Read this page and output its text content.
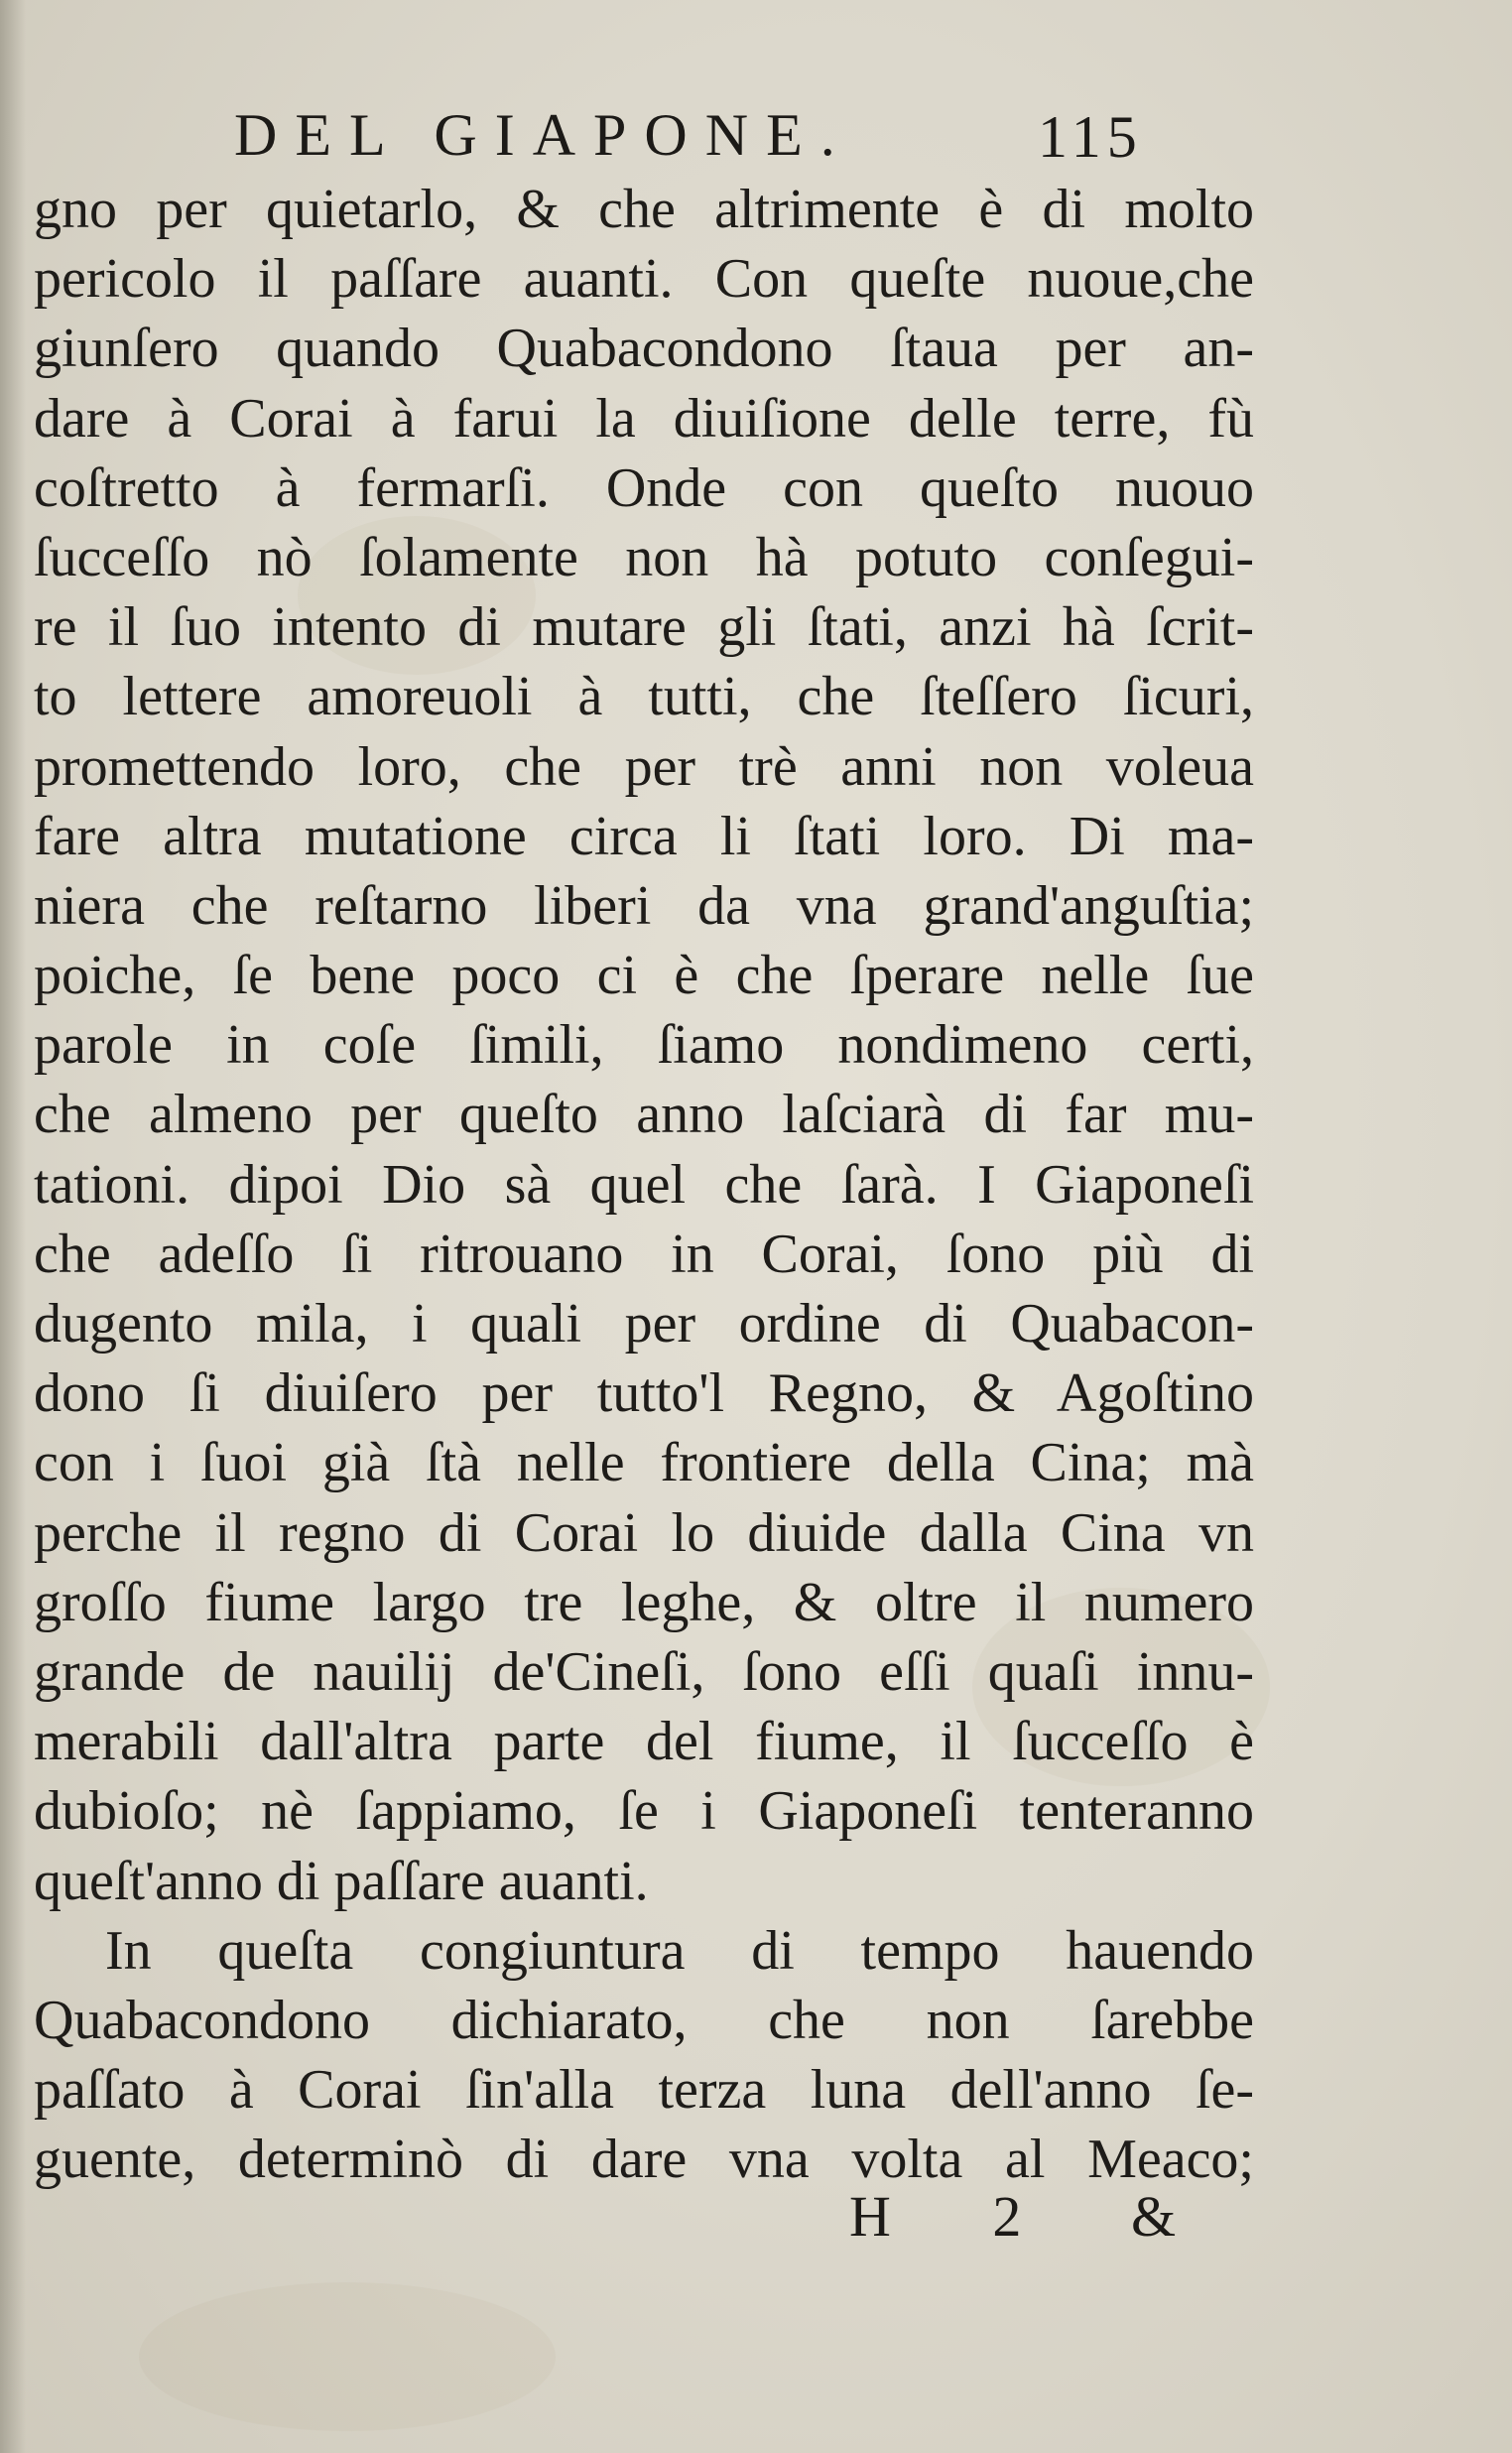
DEL GIAPONE.	115
gno per quietarlo, & che altrimente è di molto
pericolo il paſſare auanti. Con queſte nuoue,che
giunſero quando Quabacondono ſtaua per an-
dare à Corai à farui la diuiſione delle terre, fù
coſtretto à fermarſi. Onde con queſto nuouo
ſucceſſo nò ſolamente non hà potuto conſegui-
re il ſuo intento di mutare gli ſtati, anzi hà ſcrit-
to lettere amoreuoli à tutti, che ſteſſero ſicuri,
promettendo loro, che per trè anni non voleua
fare altra mutatione circa li ſtati loro. Di ma-
niera che reſtarno liberi da vna grand'anguſtia;
poiche, ſe bene poco ci è che ſperare nelle ſue
parole in coſe ſimili, ſiamo nondimeno certi,
che almeno per queſto anno laſciarà di far mu-
tationi. dipoi Dio sà quel che ſarà. I Giaponeſi
che adeſſo ſi ritrouano in Corai, ſono più di
dugento mila, i quali per ordine di Quabacon-
dono ſi diuiſero per tutto'l Regno, & Agoſtino
con i ſuoi già ſtà nelle frontiere della Cina; mà
perche il regno di Corai lo diuide dalla Cina vn
groſſo fiume largo tre leghe, & oltre il numero
grande de nauilij de'Cineſi, ſono eſſi quaſi innu-
merabili dall'altra parte del fiume, il ſucceſſo è
dubioſo; nè ſappiamo, ſe i Giaponeſi tenteranno
queſt'anno di paſſare auanti.
In queſta congiuntura di tempo hauendo
Quabacondono dichiarato, che non ſarebbe
paſſato à Corai ſin'alla terza luna dell'anno ſe-
guente, determinò di dare vna volta al Meaco;
H 2 &
